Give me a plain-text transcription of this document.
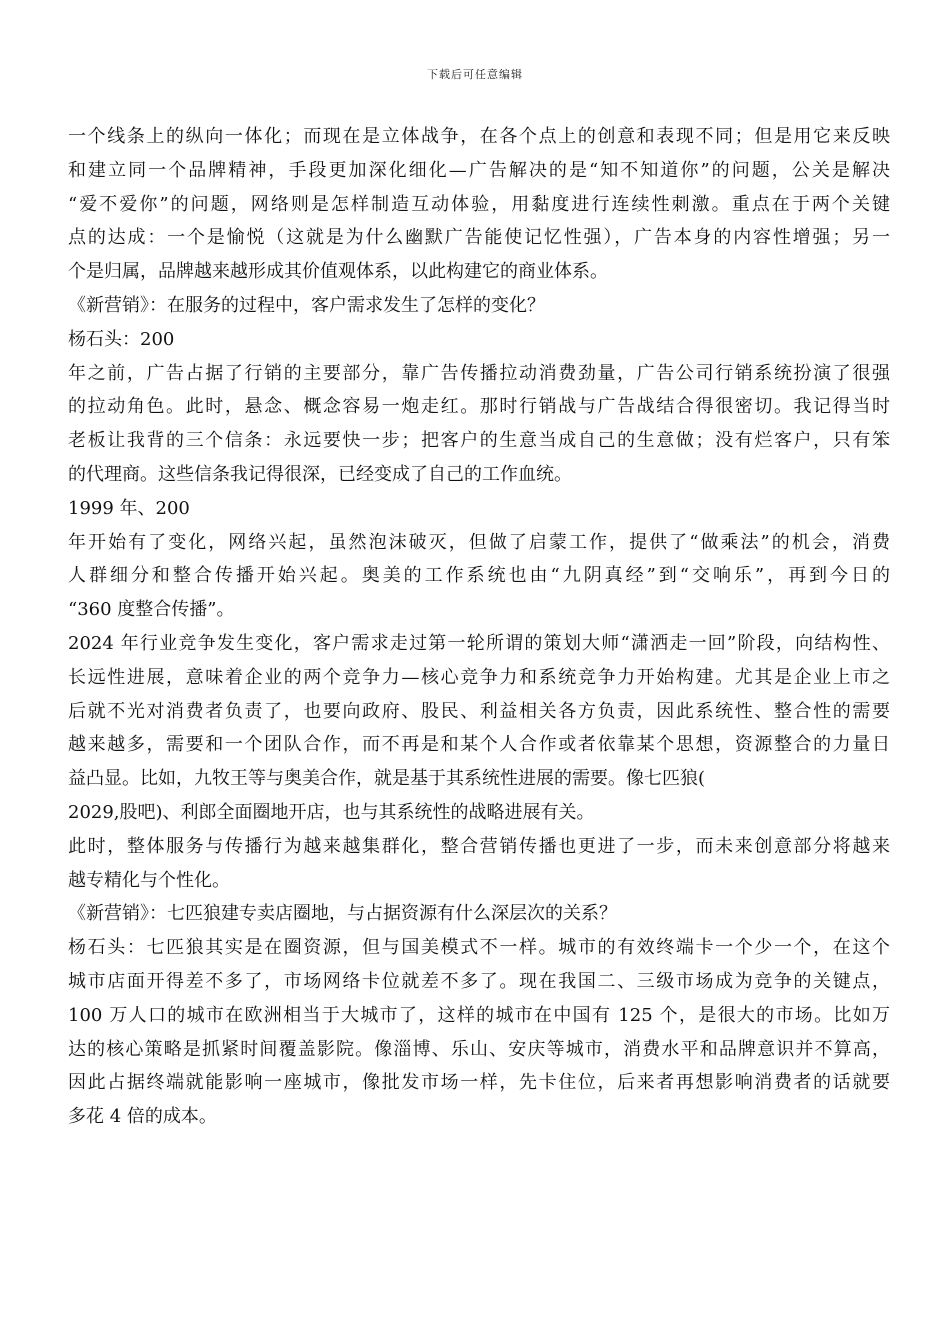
下载后可任意编辑
一个线条上的纵向一体化；而现在是立体战争，在各个点上的创意和表现不同；但是用它来反映
和建立同一个品牌精神，手段更加深化细化—广告解决的是“知不知道你”的问题，公关是解决
“爱不爱你”的问题，网络则是怎样制造互动体验，用黏度进行连续性刺激。重点在于两个关键
点的达成：一个是愉悦（这就是为什么幽默广告能使记忆性强），广告本身的内容性增强；另一
个是归属，品牌越来越形成其价值观体系，以此构建它的商业体系。
《新营销》：在服务的过程中，客户需求发生了怎样的变化？
杨石头：200
年之前，广告占据了行销的主要部分，靠广告传播拉动消费劲量，广告公司行销系统扮演了很强
的拉动角色。此时，悬念、概念容易一炮走红。那时行销战与广告战结合得很密切。我记得当时
老板让我背的三个信条：永远要快一步；把客户的生意当成自己的生意做；没有烂客户，只有笨
的代理商。这些信条我记得很深，已经变成了自己的工作血统。
1999 年、200
年开始有了变化，网络兴起，虽然泡沫破灭，但做了启蒙工作，提供了“做乘法”的机会，消费
人群细分和整合传播开始兴起。奥美的工作系统也由“九阴真经”到“交响乐”，再到今日的
“360 度整合传播”。
2024 年行业竞争发生变化，客户需求走过第一轮所谓的策划大师“潇洒走一回”阶段，向结构性、
长远性进展，意味着企业的两个竞争力—核心竞争力和系统竞争力开始构建。尤其是企业上市之
后就不光对消费者负责了，也要向政府、股民、利益相关各方负责，因此系统性、整合性的需要
越来越多，需要和一个团队合作，而不再是和某个人合作或者依靠某个思想，资源整合的力量日
益凸显。比如，九牧王等与奥美合作，就是基于其系统性进展的需要。像七匹狼(
2029,股吧)、利郎全面圈地开店，也与其系统性的战略进展有关。
此时，整体服务与传播行为越来越集群化，整合营销传播也更进了一步，而未来创意部分将越来
越专精化与个性化。
《新营销》：七匹狼建专卖店圈地，与占据资源有什么深层次的关系？
杨石头：七匹狼其实是在圈资源，但与国美模式不一样。城市的有效终端卡一个少一个，在这个
城市店面开得差不多了，市场网络卡位就差不多了。现在我国二、三级市场成为竞争的关键点，
100 万人口的城市在欧洲相当于大城市了，这样的城市在中国有 125 个，是很大的市场。比如万
达的核心策略是抓紧时间覆盖影院。像淄博、乐山、安庆等城市，消费水平和品牌意识并不算高，
因此占据终端就能影响一座城市，像批发市场一样，先卡住位，后来者再想影响消费者的话就要
多花 4 倍的成本。
